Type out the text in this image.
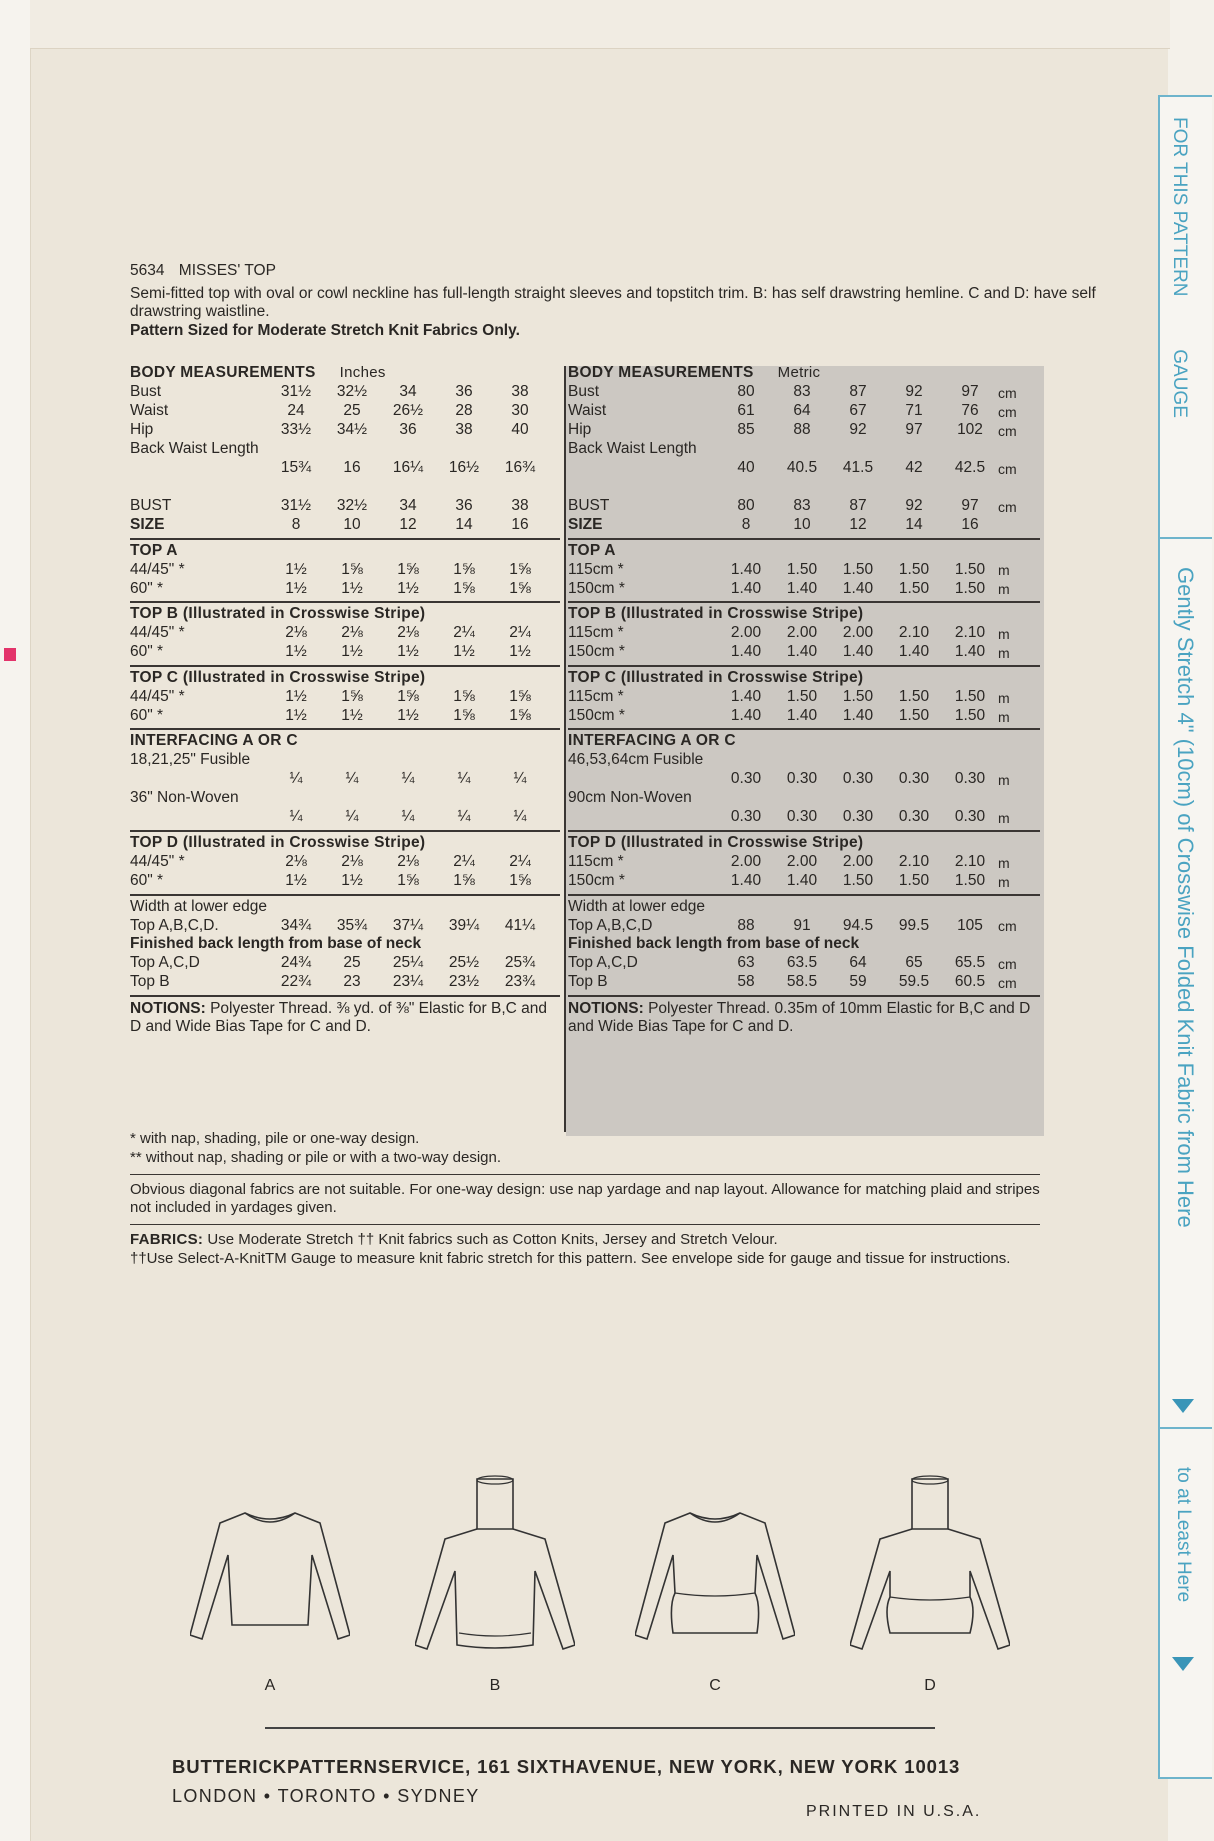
5634 MISSES' TOP
Semi-fitted top with oval or cowl neckline has full-length straight sleeves and topstitch trim. B: has self drawstring hemline. C and D: have self drawstring waistline.
Pattern Sized for Moderate Stretch Knit Fabrics Only.
BODY MEASUREMENTS Inches
Bust	31½	32½	34	36	38
Waist	24	25	26½	28	30
Hip	33½	34½	36	38	40
Back Waist Length
15¾	16	16¼	16½	16¾
BUST	31½	32½	34	36	38
SIZE	8	10	12	14	16
TOP A
44/45" *	1½	1⅝	1⅝	1⅝	1⅝
60" *	1½	1½	1½	1⅝	1⅝
TOP B (Illustrated in Crosswise Stripe)
44/45" *	2⅛	2⅛	2⅛	2¼	2¼
60" *	1½	1½	1½	1½	1½
TOP C (Illustrated in Crosswise Stripe)
44/45" *	1½	1⅝	1⅝	1⅝	1⅝
60" *	1½	1½	1½	1⅝	1⅝
INTERFACING A OR C
18,21,25" Fusible
¼	¼	¼	¼	¼
36" Non-Woven
¼	¼	¼	¼	¼
TOP D (Illustrated in Crosswise Stripe)
44/45" *	2⅛	2⅛	2⅛	2¼	2¼
60" *	1½	1½	1⅝	1⅝	1⅝
Width at lower edge
Top A,B,C,D.	34¾	35¾	37¼	39¼	41¼
Finished back length from base of neck
Top A,C,D	24¾	25	25¼	25½	25¾
Top B	22¾	23	23¼	23½	23¾
NOTIONS: Polyester Thread. ⅜ yd. of ⅜" Elastic for B,C and D and Wide Bias Tape for C and D.
BODY MEASUREMENTS Metric
Bust	80	83	87	92	97	cm
Waist	61	64	67	71	76	cm
Hip	85	88	92	97	102	cm
Back Waist Length
40	40.5	41.5	42	42.5 cm
BUST	80	83	87	92	97	cm
SIZE	8	10	12	14	16
TOP A
115cm *	1.40	1.50	1.50	1.50	1.50 m
150cm *	1.40	1.40	1.40	1.50	1.50 m
TOP B (Illustrated in Crosswise Stripe)
115cm *	2.00	2.00	2.00	2.10	2.10 m
150cm *	1.40	1.40	1.40	1.40	1.40 m
TOP C (Illustrated in Crosswise Stripe)
115cm *	1.40	1.50	1.50	1.50	1.50 m
150cm *	1.40	1.40	1.40	1.50	1.50 m
INTERFACING A OR C
46,53,64cm Fusible
0.30	0.30	0.30	0.30	0.30 m
90cm Non-Woven
0.30	0.30	0.30	0.30	0.30 m
TOP D (Illustrated in Crosswise Stripe)
115cm *	2.00	2.00	2.00	2.10	2.10 m
150cm *	1.40	1.40	1.50	1.50	1.50 m
Width at lower edge
Top A,B,C,D	88	91	94.5	99.5	105	cm
Finished back length from base of neck
Top A,C,D	63	63.5	64	65	65.5 cm
Top B	58	58.5	59	59.5	60.5 cm
NOTIONS: Polyester Thread. 0.35m of 10mm Elastic for B,C and D and Wide Bias Tape for C and D.
* with nap, shading, pile or one-way design.
** without nap, shading or pile or with a two-way design.
Obvious diagonal fabrics are not suitable. For one-way design: use nap yardage and nap layout. Allowance for matching plaid and stripes not included in yardages given.
FABRICS: Use Moderate Stretch †† Knit fabrics such as Cotton Knits, Jersey and Stretch Velour.
††Use Select-A-KnitTM Gauge to measure knit fabric stretch for this pattern. See envelope side for gauge and tissue for instructions.
FOR THIS PATTERN          GAUGE
Gently Stretch 4" (10cm) of Crosswise Folded Knit Fabric from Here
to at Least Here
A	B	C	D
BUTTERICKPATTERNSERVICE, 161 SIXTHAVENUE, NEW YORK, NEW YORK 10013
LONDON • TORONTO • SYDNEY
PRINTED IN U.S.A.
